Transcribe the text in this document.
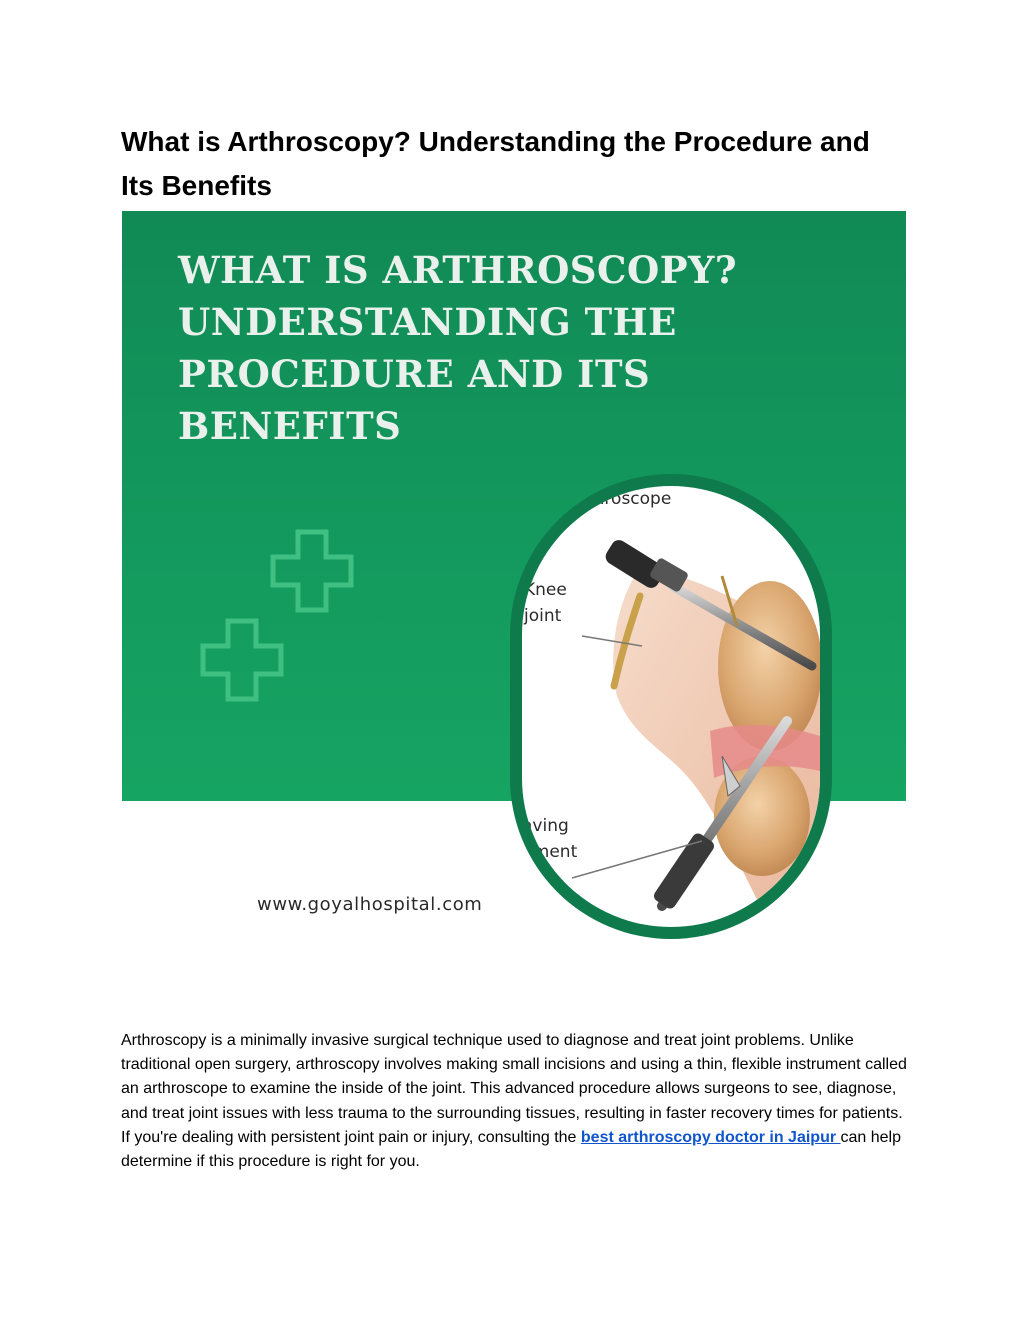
What is Arthroscopy? Understanding the Procedure and Its Benefits
WHAT IS ARTHROSCOPY?
UNDERSTANDING THE
PROCEDURE AND ITS
BENEFITS
rthroscope
Knee
joint
aving
ument
www.goyalhospital.com

Arthroscopy is a minimally invasive surgical technique used to diagnose and treat joint problems. Unlike traditional open surgery, arthroscopy involves making small incisions and using a thin, flexible instrument called an arthroscope to examine the inside of the joint. This advanced procedure allows surgeons to see, diagnose, and treat joint issues with less trauma to the surrounding tissues, resulting in faster recovery times for patients. If you're dealing with persistent joint pain or injury, consulting the best arthroscopy doctor in Jaipur can help determine if this procedure is right for you.
